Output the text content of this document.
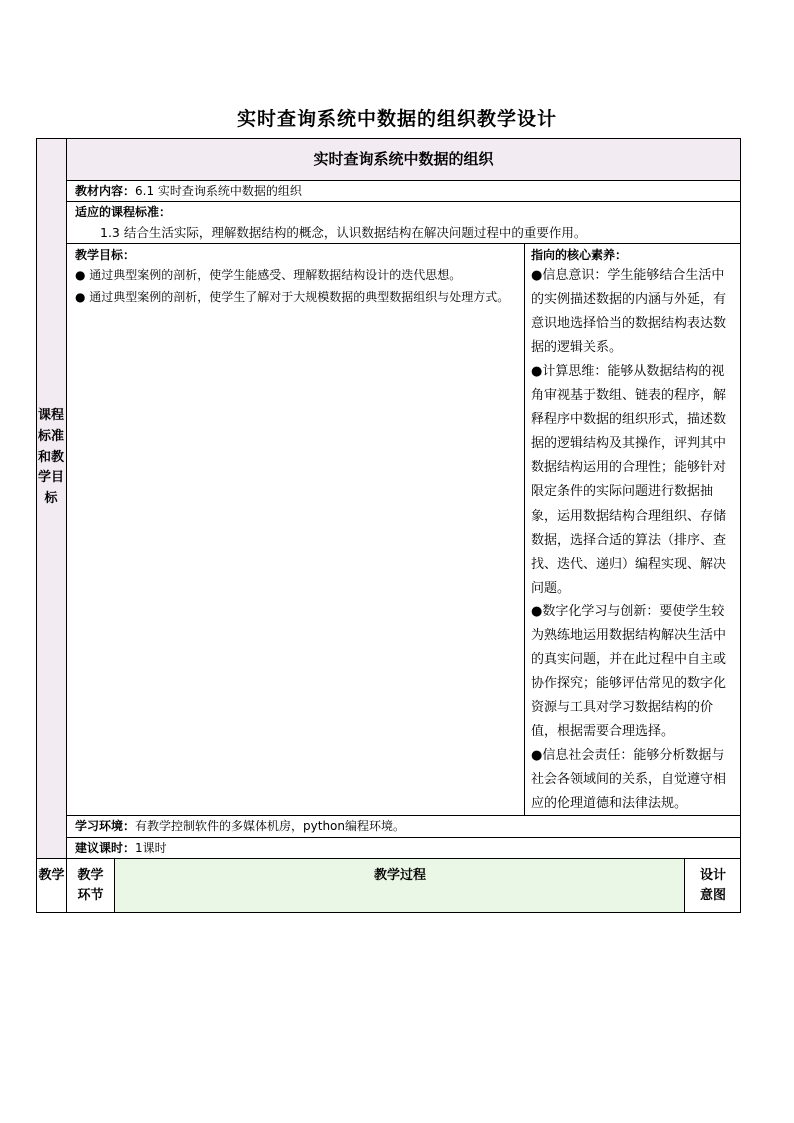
实时查询系统中数据的组织教学设计
课程标准和教学目标
实时查询系统中数据的组织
教材内容：6.1 实时查询系统中数据的组织
适应的课程标准：
1.3 结合生活实际，理解数据结构的概念，认识数据结构在解决问题过程中的重要作用。
教学目标：
● 通过典型案例的剖析，使学生能感受、理解数据结构设计的迭代思想。
● 通过典型案例的剖析，使学生了解对于大规模数据的典型数据组织与处理方式。
指向的核心素养：
●信息意识：学生能够结合生活中的实例描述数据的内涵与外延，有意识地选择恰当的数据结构表达数据的逻辑关系。
●计算思维：能够从数据结构的视角审视基于数组、链表的程序，解释程序中数据的组织形式，描述数据的逻辑结构及其操作，评判其中数据结构运用的合理性；能够针对限定条件的实际问题进行数据抽象，运用数据结构合理组织、存储数据，选择合适的算法（排序、查找、迭代、递归）编程实现、解决问题。
●数字化学习与创新：要使学生较为熟练地运用数据结构解决生活中的真实问题，并在此过程中自主或协作探究；能够评估常见的数字化资源与工具对学习数据结构的价值，根据需要合理选择。
●信息社会责任：能够分析数据与社会各领域间的关系，自觉遵守相应的伦理道德和法律法规。
学习环境：有教学控制软件的多媒体机房，python编程环境。
建议课时：1课时
教学 教学
环节
教学过程	设计
意图
